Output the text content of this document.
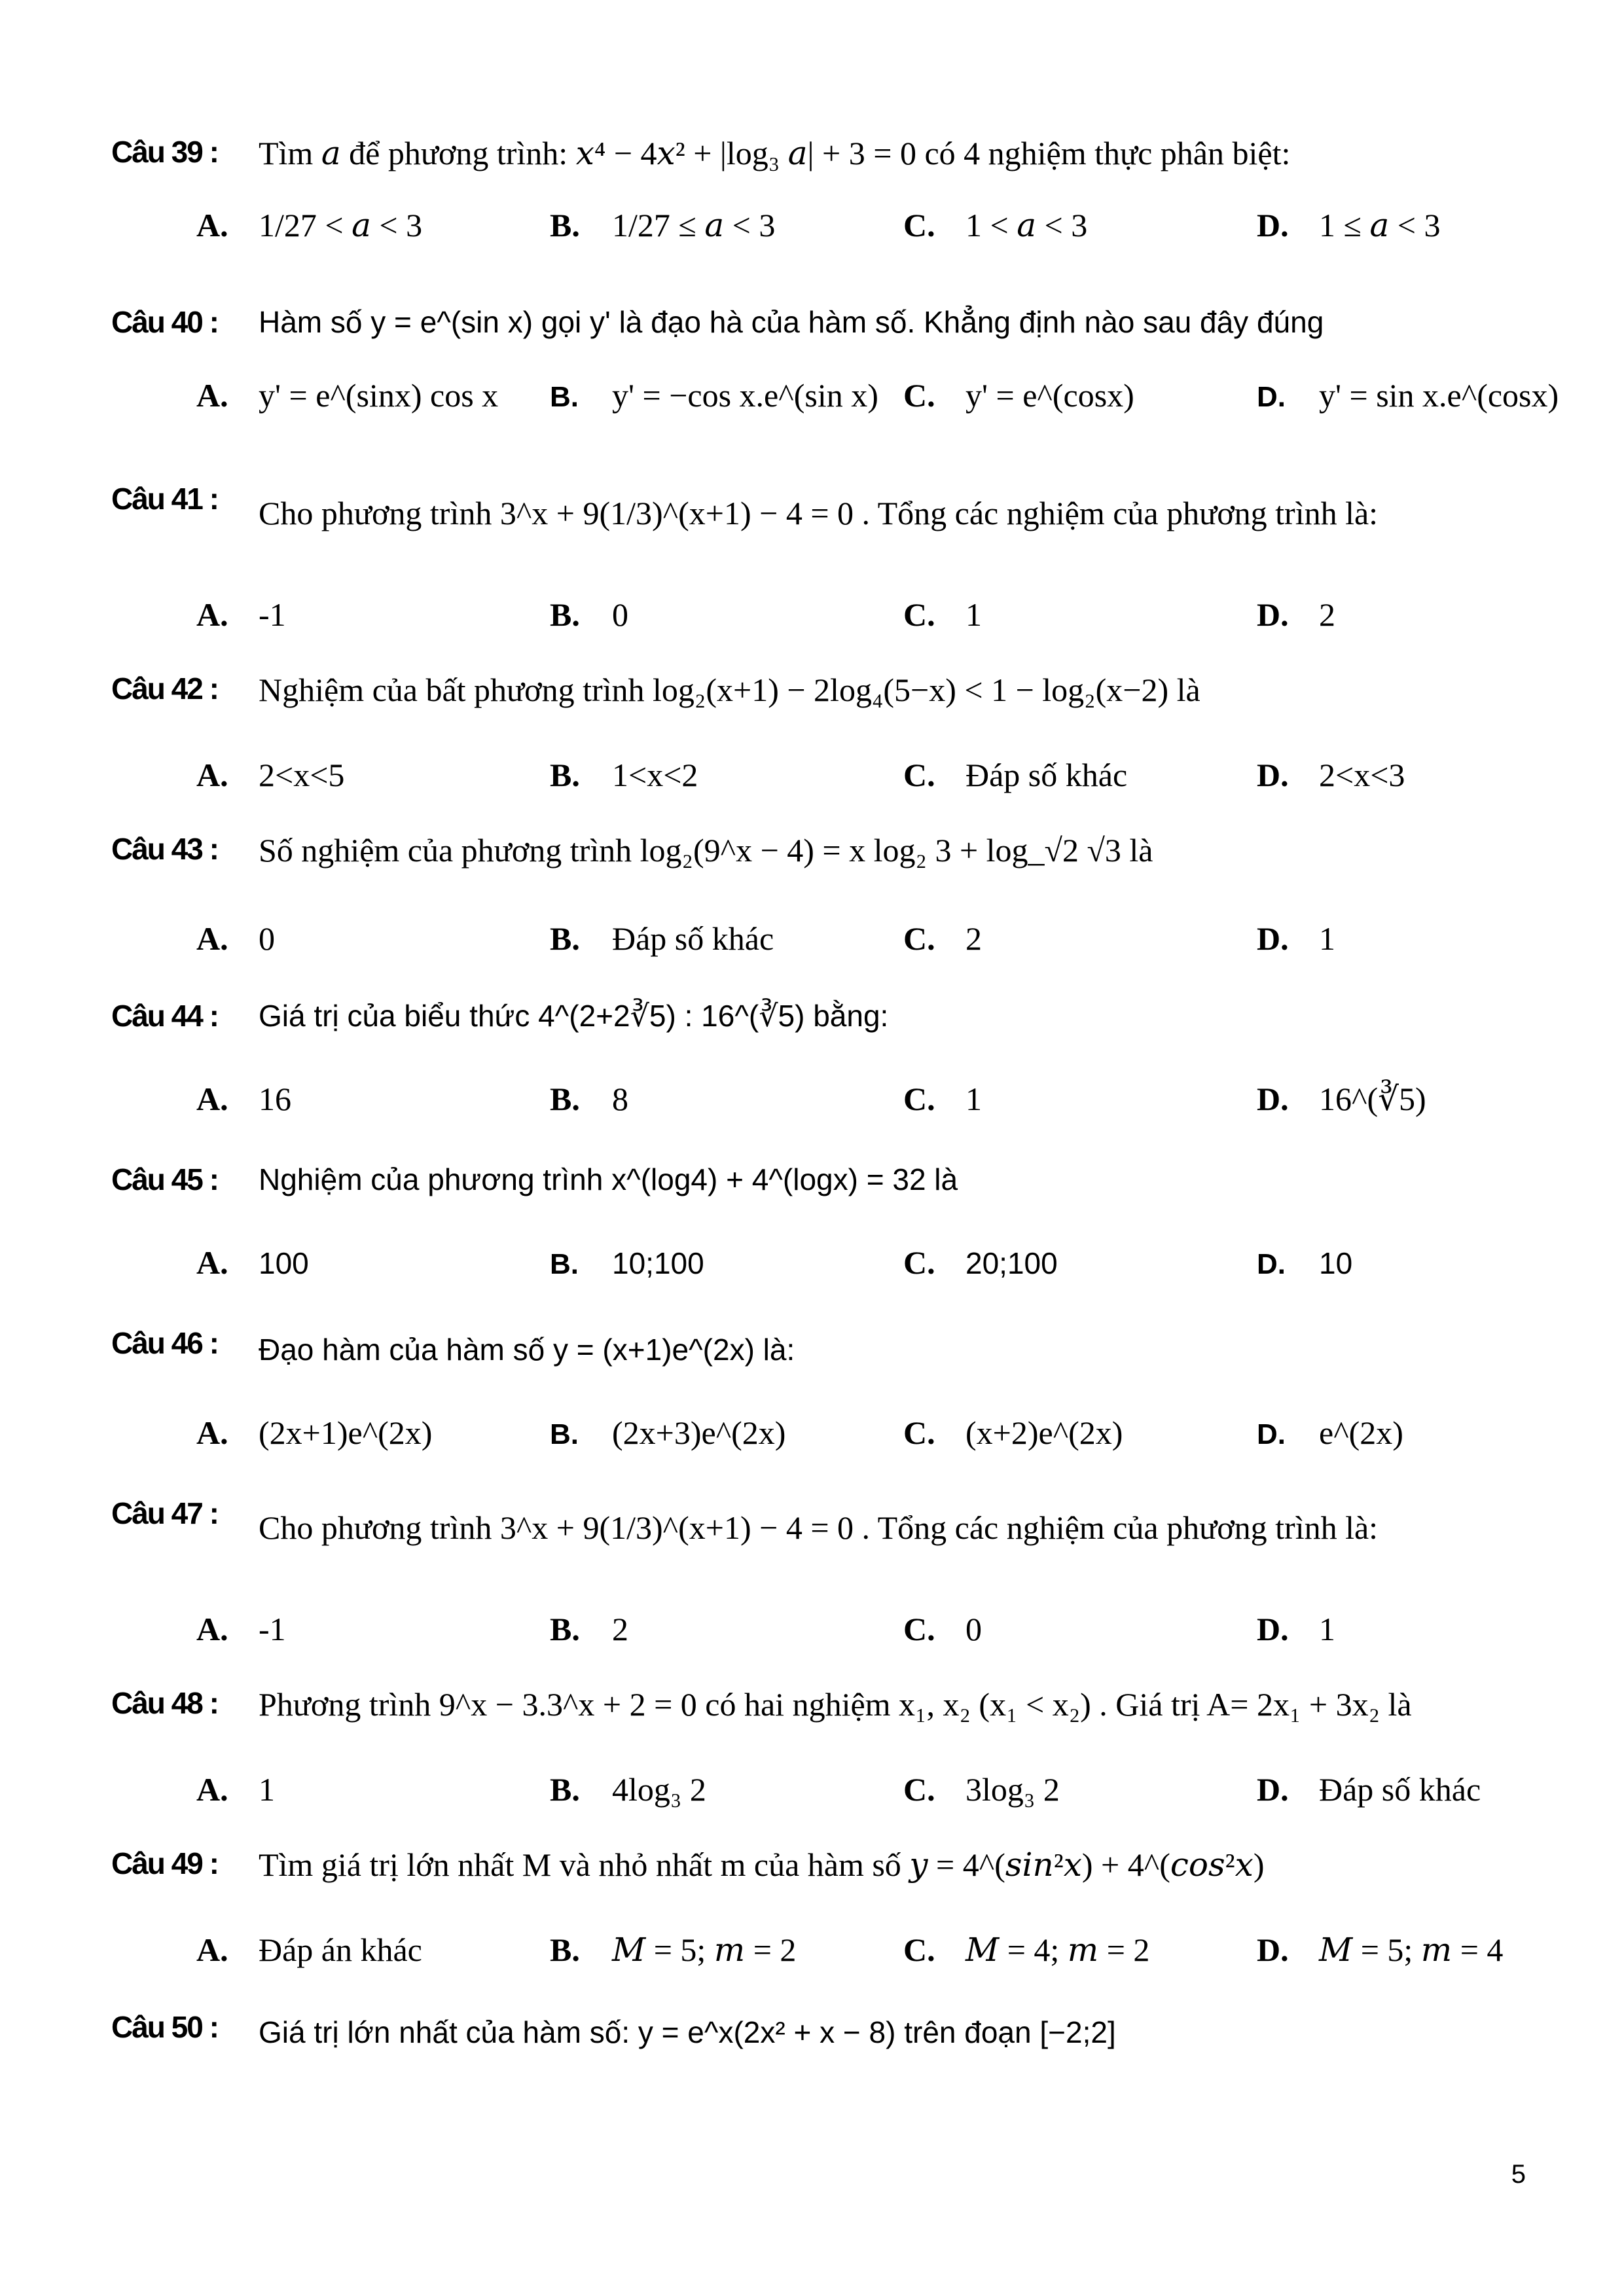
Câu 39 : Tìm 𝑎 để phương trình: 𝑥⁴ − 4𝑥² + |log₃ 𝑎| + 3 = 0 có 4 nghiệm thực phân biệt:
A. 1/27 < 𝑎 < 3	B. 1/27 ≤ 𝑎 < 3	C. 1 < 𝑎 < 3	D. 1 ≤ 𝑎 < 3
Câu 40 : Hàm số y = e^(sin x) gọi y' là đạo hà của hàm số. Khẳng định nào sau đây đúng
A. y' = e^(sinx) cos x B. y' = −cos x.e^(sin x) C. y' = e^(cosx)	D. y' = sin x.e^(cosx)
Câu 41 : Cho phương trình 3^x + 9(1/3)^(x+1) − 4 = 0 . Tổng các nghiệm của phương trình là:
A. -1	B. 0	C. 1	D. 2
Câu 42 : Nghiệm của bất phương trình log₂(x+1) − 2log₄(5−x) < 1 − log₂(x−2) là
A. 2<x<5	B. 1<x<2	C. Đáp số khác	D. 2<x<3
Câu 43 : Số nghiệm của phương trình log₂(9^x − 4) = x log₂ 3 + log_√2 √3 là
A. 0	B. Đáp số khác	C. 2	D. 1
Câu 44 : Giá trị của biểu thức 4^(2+2∛5) : 16^(∛5) bằng:
A. 16	B. 8	C. 1	D. 16^(∛5)
Câu 45 : Nghiệm của phương trình x^(log4) + 4^(logx) = 32 là
A. 100	B. 10;100	C. 20;100	D. 10
Câu 46 : Đạo hàm của hàm số y = (x+1)e^(2x) là:
A. (2x+1)e^(2x)	B. (2x+3)e^(2x)	C. (x+2)e^(2x)	D. e^(2x)
Câu 47 : Cho phương trình 3^x + 9(1/3)^(x+1) − 4 = 0 . Tổng các nghiệm của phương trình là:
A. -1	B. 2	C. 0	D. 1
Câu 48 : Phương trình 9^x − 3.3^x + 2 = 0 có hai nghiệm x₁, x₂ (x₁ < x₂) . Giá trị A= 2x₁ + 3x₂ là
A. 1	B. 4log₃ 2	C. 3log₃ 2	D. Đáp số khác
Câu 49 : Tìm giá trị lớn nhất M và nhỏ nhất m của hàm số 𝑦 = 4^(𝑠𝑖𝑛²𝑥) + 4^(𝑐𝑜𝑠²𝑥)
A. Đáp án khác	B. 𝑀 = 5; 𝑚 = 2	C. 𝑀 = 4; 𝑚 = 2	D. 𝑀 = 5; 𝑚 = 4
Câu 50 : Giá trị lớn nhất của hàm số: y = e^x(2x² + x − 8) trên đoạn [−2;2]
5
